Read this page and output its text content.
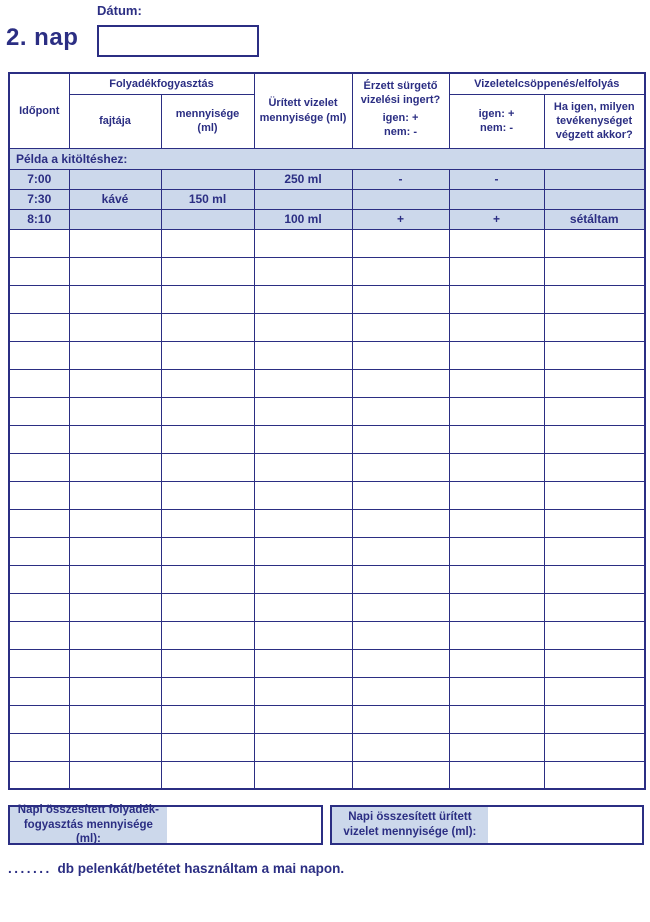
Dátum:
2. nap
Időpont	Folyadékfogyasztás		Ürített vizelet mennyisége (ml)	Érzett sürgető vizelési ingert?
igen: +
nem: -	Vizeletelcsöppenés/elfolyás	
	fajtája	mennyisége (ml)			igen: +
nem: -	Ha igen, milyen tevékenységet végzett akkor?
Példa a kitöltéshez:						
7:00			250 ml	-	-	
7:30	kávé	150 ml				
8:10			100 ml	+	+	sétáltam

Napi összesített folyadék-fogyasztás mennyisége (ml):
Napi összesített ürített vizelet mennyisége (ml):
....... db pelenkát/betétet használtam a mai napon.
